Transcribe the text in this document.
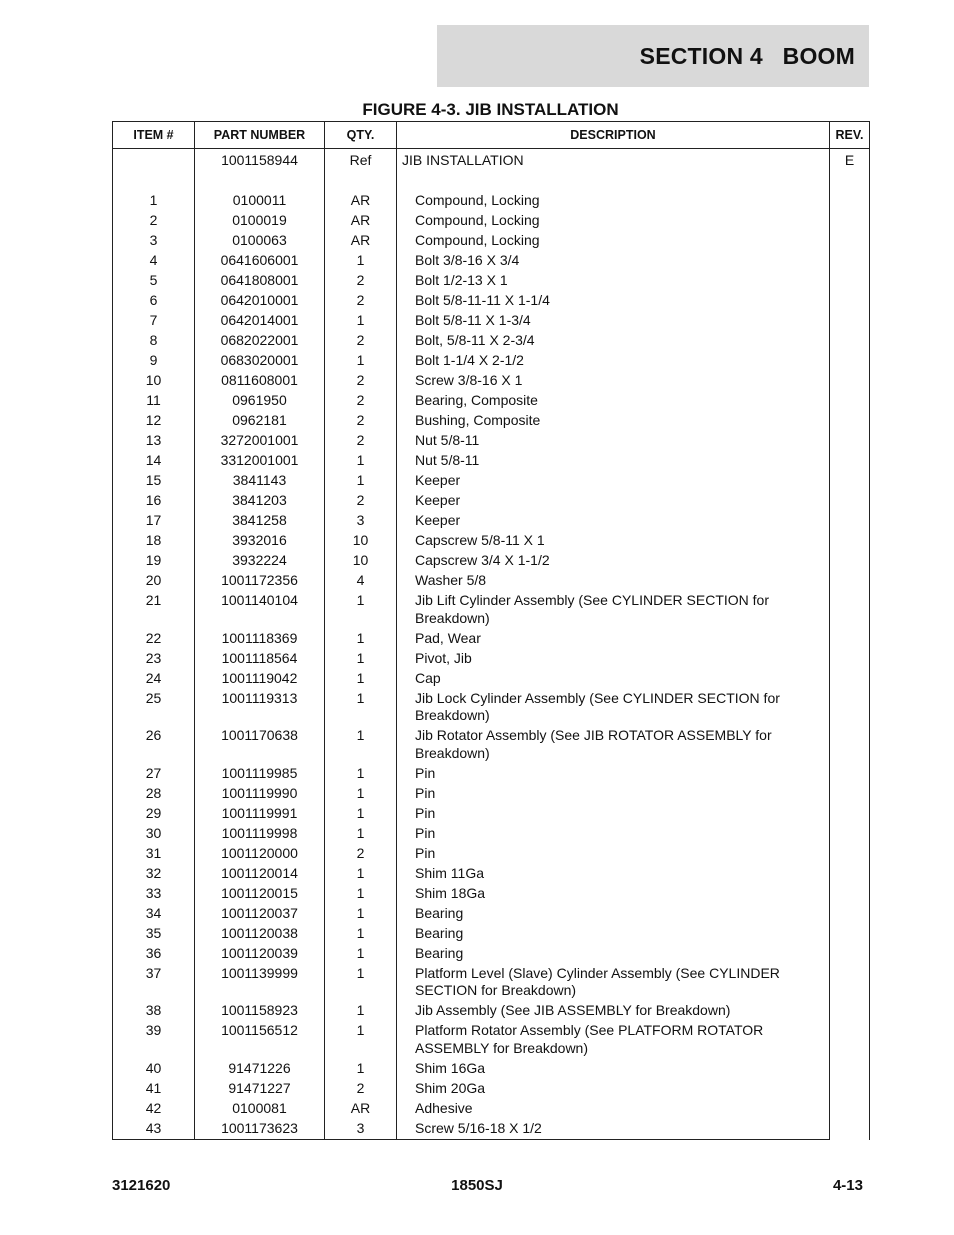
SECTION 4   BOOM
FIGURE 4-3. JIB INSTALLATION
ITEM #	PART NUMBER	QTY.	DESCRIPTION	REV.
	1001158944	Ref	JIB INSTALLATION	E

1	0100011	AR	Compound, Locking	
2	0100019	AR	Compound, Locking	
3	0100063	AR	Compound, Locking	
4	0641606001	1	Bolt 3/8-16 X 3/4	
5	0641808001	2	Bolt 1/2-13 X 1	
6	0642010001	2	Bolt 5/8-11-11 X 1-1/4	
7	0642014001	1	Bolt 5/8-11 X 1-3/4	
8	0682022001	2	Bolt, 5/8-11 X 2-3/4	
9	0683020001	1	Bolt 1-1/4 X 2-1/2	
10	0811608001	2	Screw 3/8-16 X 1	
11	0961950	2	Bearing, Composite	
12	0962181	2	Bushing, Composite	
13	3272001001	2	Nut 5/8-11	
14	3312001001	1	Nut 5/8-11	
15	3841143	1	Keeper	
16	3841203	2	Keeper	
17	3841258	3	Keeper	
18	3932016	10	Capscrew 5/8-11 X 1	
19	3932224	10	Capscrew 3/4 X 1-1/2	
20	1001172356	4	Washer 5/8	
21	1001140104	1	Jib Lift Cylinder Assembly (See CYLINDER SECTION for Breakdown)	
22	1001118369	1	Pad, Wear	
23	1001118564	1	Pivot, Jib	
24	1001119042	1	Cap	
25	1001119313	1	Jib Lock Cylinder Assembly (See CYLINDER SECTION for Breakdown)	
26	1001170638	1	Jib Rotator Assembly (See JIB ROTATOR ASSEMBLY for Breakdown)	
27	1001119985	1	Pin	
28	1001119990	1	Pin	
29	1001119991	1	Pin	
30	1001119998	1	Pin	
31	1001120000	2	Pin	
32	1001120014	1	Shim 11Ga	
33	1001120015	1	Shim 18Ga	
34	1001120037	1	Bearing	
35	1001120038	1	Bearing	
36	1001120039	1	Bearing	
37	1001139999	1	Platform Level (Slave) Cylinder Assembly (See CYLINDER SECTION for Breakdown)	
38	1001158923	1	Jib Assembly (See JIB ASSEMBLY for Breakdown)	
39	1001156512	1	Platform Rotator Assembly (See PLATFORM ROTATOR ASSEMBLY for Breakdown)	
40	91471226	1	Shim 16Ga	
41	91471227	2	Shim 20Ga	
42	0100081	AR	Adhesive	
43	1001173623	3	Screw 5/16-18 X 1/2	
3121620	1850SJ	4-13
